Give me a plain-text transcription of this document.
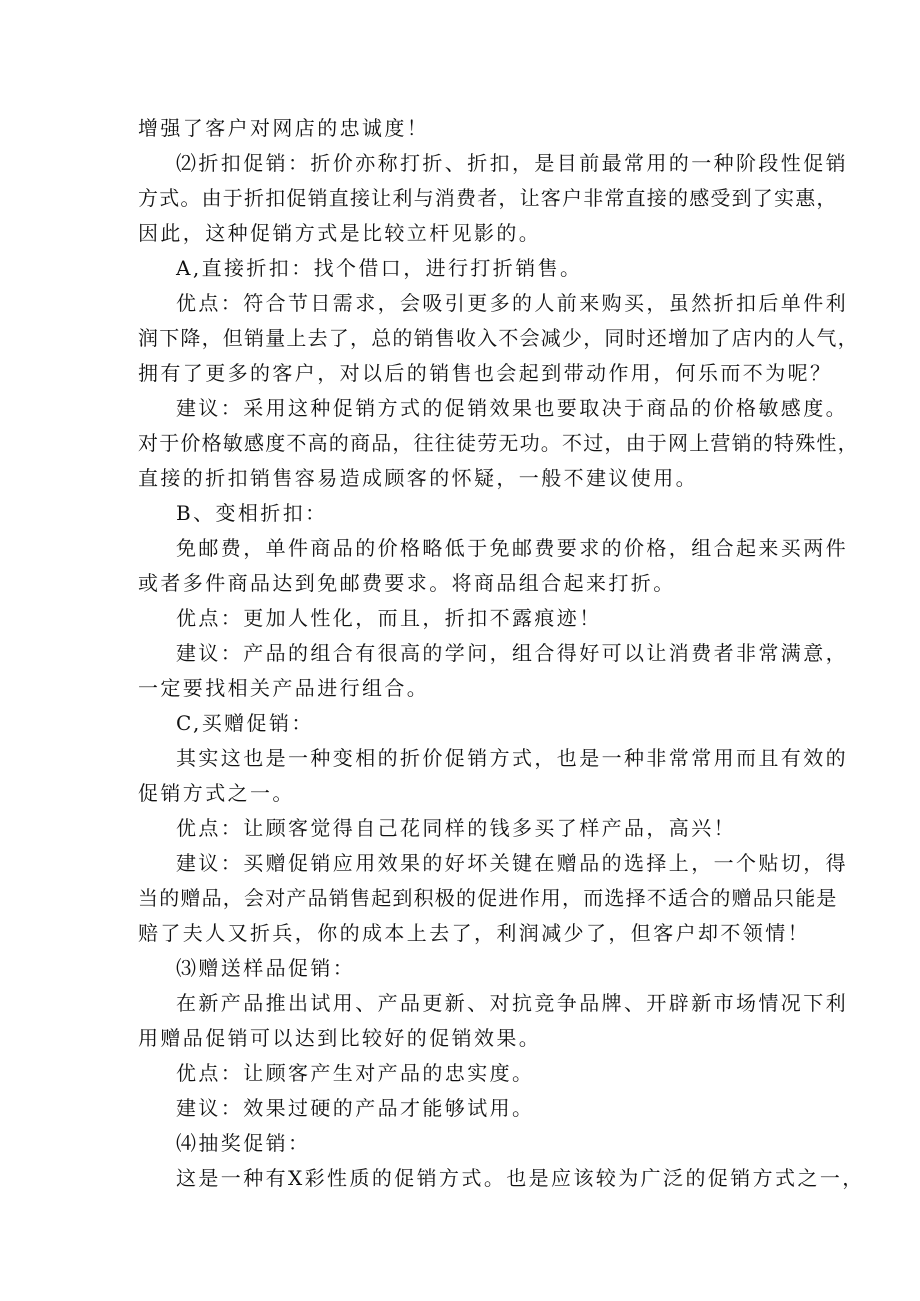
增强了客户对网店的忠诚度！
⑵折扣促销：折价亦称打折、折扣，是目前最常用的一种阶段性促销
方式。由于折扣促销直接让利与消费者，让客户非常直接的感受到了实惠，
因此，这种促销方式是比较立杆见影的。
A,直接折扣：找个借口，进行打折销售。
优点：符合节日需求，会吸引更多的人前来购买，虽然折扣后单件利
润下降，但销量上去了，总的销售收入不会减少，同时还增加了店内的人气，
拥有了更多的客户，对以后的销售也会起到带动作用，何乐而不为呢？
建议：采用这种促销方式的促销效果也要取决于商品的价格敏感度。
对于价格敏感度不高的商品，往往徒劳无功。不过，由于网上营销的特殊性，
直接的折扣销售容易造成顾客的怀疑，一般不建议使用。
B、变相折扣：
免邮费，单件商品的价格略低于免邮费要求的价格，组合起来买两件
或者多件商品达到免邮费要求。将商品组合起来打折。
优点：更加人性化，而且，折扣不露痕迹！
建议：产品的组合有很高的学问，组合得好可以让消费者非常满意，
一定要找相关产品进行组合。
C,买赠促销：
其实这也是一种变相的折价促销方式，也是一种非常常用而且有效的
促销方式之一。
优点：让顾客觉得自己花同样的钱多买了样产品，高兴！
建议：买赠促销应用效果的好坏关键在赠品的选择上，一个贴切，得
当的赠品，会对产品销售起到积极的促进作用，而选择不适合的赠品只能是
赔了夫人又折兵，你的成本上去了，利润减少了，但客户却不领情！
⑶赠送样品促销：
在新产品推出试用、产品更新、对抗竞争品牌、开辟新市场情况下利
用赠品促销可以达到比较好的促销效果。
优点：让顾客产生对产品的忠实度。
建议：效果过硬的产品才能够试用。
⑷抽奖促销：
这是一种有X彩性质的促销方式。也是应该较为广泛的促销方式之一，
